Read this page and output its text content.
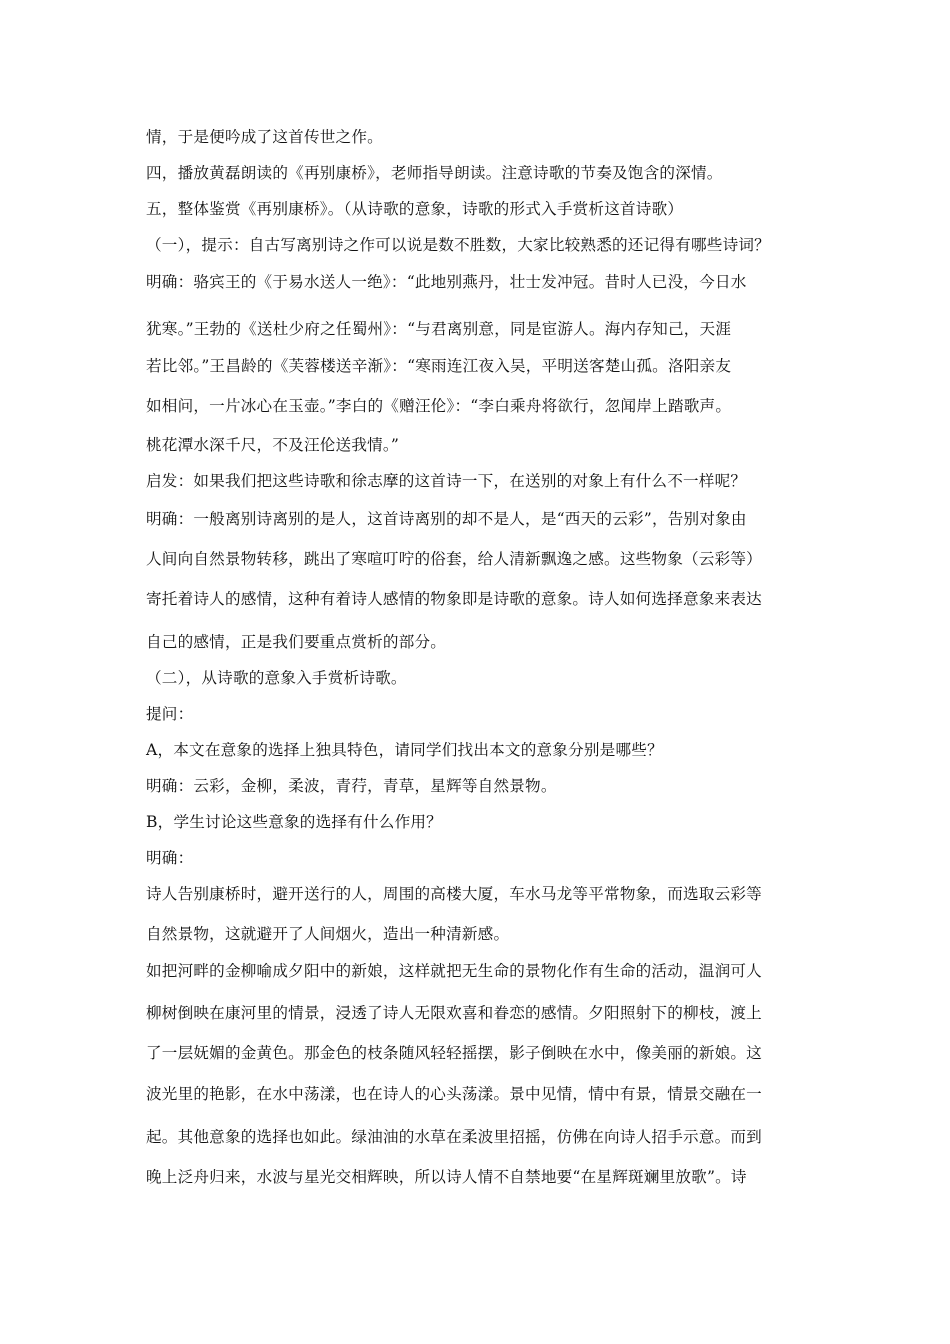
情，于是便吟成了这首传世之作。
四，播放黄磊朗读的《再别康桥》，老师指导朗读。注意诗歌的节奏及饱含的深情。
五，整体鉴赏《再别康桥》。（从诗歌的意象，诗歌的形式入手赏析这首诗歌）
（一），提示：自古写离别诗之作可以说是数不胜数，大家比较熟悉的还记得有哪些诗词？
明确：骆宾王的《于易水送人一绝》：“此地别燕丹，壮士发冲冠。昔时人已没，今日水
犹寒。”王勃的《送杜少府之任蜀州》：“与君离别意，同是宦游人。海内存知己，天涯
若比邻。”王昌龄的《芙蓉楼送辛渐》：“寒雨连江夜入吴，平明送客楚山孤。洛阳亲友
如相问，一片冰心在玉壶。”李白的《赠汪伦》：“李白乘舟将欲行，忽闻岸上踏歌声。
桃花潭水深千尺，不及汪伦送我情。”
启发：如果我们把这些诗歌和徐志摩的这首诗一下，在送别的对象上有什么不一样呢？
明确：一般离别诗离别的是人，这首诗离别的却不是人，是“西天的云彩”，告别对象由
人间向自然景物转移，跳出了寒喧叮咛的俗套，给人清新飘逸之感。这些物象（云彩等）
寄托着诗人的感情，这种有着诗人感情的物象即是诗歌的意象。诗人如何选择意象来表达
自己的感情，正是我们要重点赏析的部分。
（二），从诗歌的意象入手赏析诗歌。
提问：
A，本文在意象的选择上独具特色，请同学们找出本文的意象分别是哪些？
明确：云彩，金柳，柔波，青荇，青草，星辉等自然景物。
B，学生讨论这些意象的选择有什么作用？
明确：
诗人告别康桥时，避开送行的人，周围的高楼大厦，车水马龙等平常物象，而选取云彩等
自然景物，这就避开了人间烟火，造出一种清新感。
如把河畔的金柳喻成夕阳中的新娘，这样就把无生命的景物化作有生命的活动，温润可人
柳树倒映在康河里的情景，浸透了诗人无限欢喜和眷恋的感情。夕阳照射下的柳枝，渡上
了一层妩媚的金黄色。那金色的枝条随风轻轻摇摆，影子倒映在水中，像美丽的新娘。这
波光里的艳影，在水中荡漾，也在诗人的心头荡漾。景中见情，情中有景，情景交融在一
起。其他意象的选择也如此。绿油油的水草在柔波里招摇，仿佛在向诗人招手示意。而到
晚上泛舟归来，水波与星光交相辉映，所以诗人情不自禁地要“在星辉斑斓里放歌”。诗
